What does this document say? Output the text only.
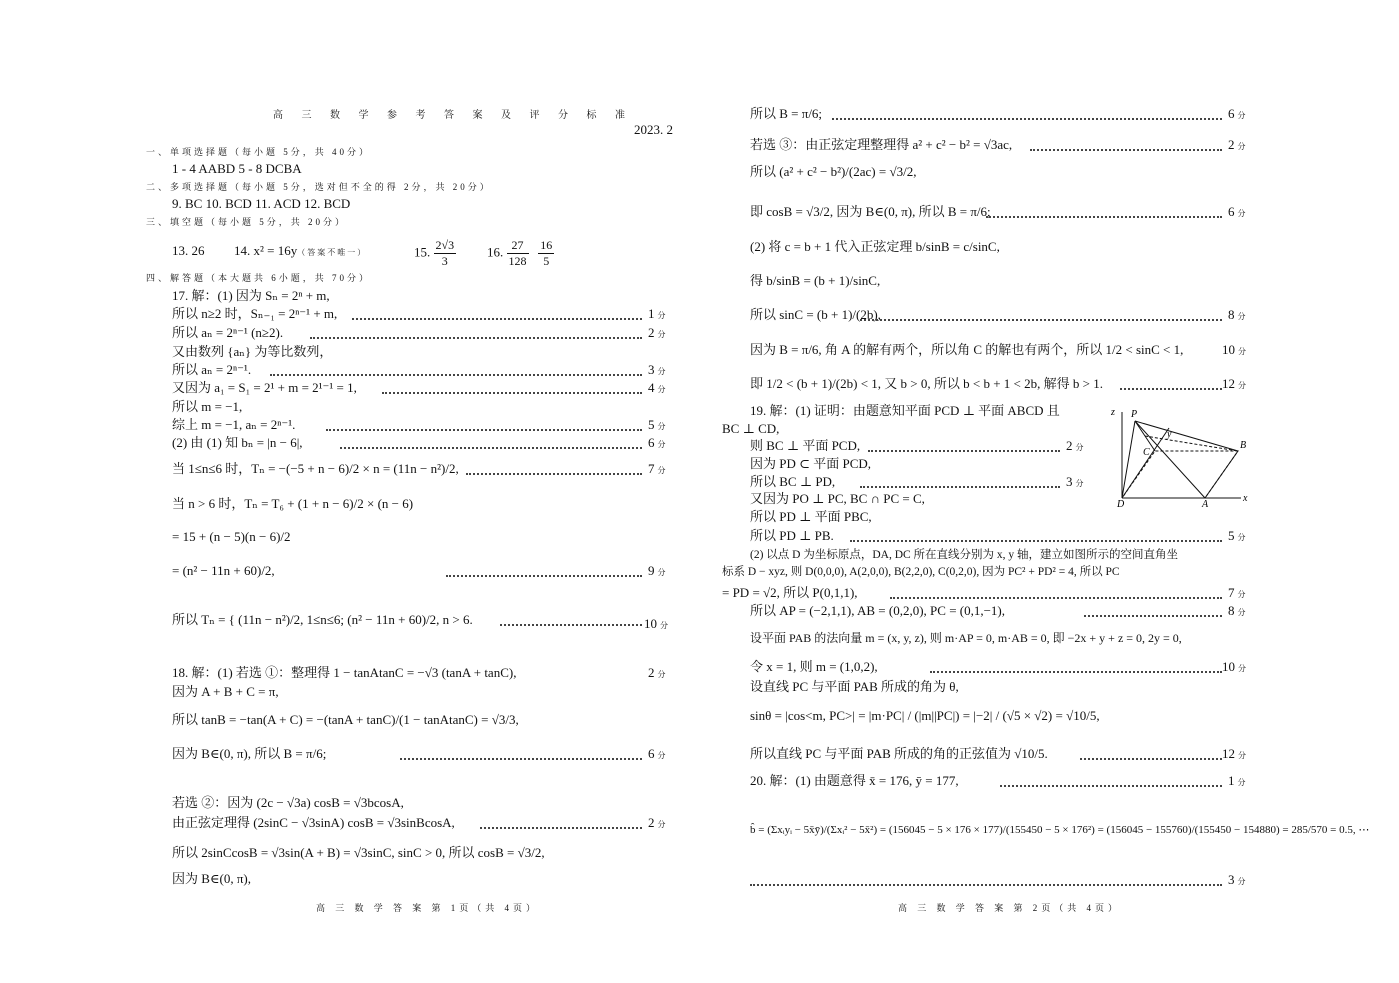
高 三 数 学 参 考 答 案 及 评 分 标 准
2023. 2
一、单项选择题（每小题 5分，共 40分）
1 - 4 AABD 5 - 8 DCBA
二、多项选择题（每小题 5分，选对但不全的得 2分，共 20分）
9. BC 10. BCD 11. ACD 12. BCD
三、填空题（每小题 5分，共 20分）
13. 26 14. x² = 16y（答案不唯一）	15. $\frac{2√3}{3} 16$. $\frac{27}{128}$
$\frac{16}{5}$
四、解答题（本大题共 6小题，共 70分）
17. 解：(1) 因为 Sₙ = 2ⁿ + m,
所以 n≥2 时，Sₙ₋₁ = 2ⁿ⁻¹ + m,	1 分
所以 aₙ = 2ⁿ⁻¹ (n≥2).	2 分
又由数列 {aₙ} 为等比数列，
所以 aₙ = 2ⁿ⁻¹.	3 分
又因为 a₁ = S₁ = 2¹ + m = 2¹⁻¹ = 1,	4 分
所以 m = −1,
综上 m = −1, aₙ = 2ⁿ⁻¹.	5 分
(2) 由 (1) 知 bₙ = |n − 6|,	6 分
当 1≤n≤6 时，Tₙ = −(−5 + n − 6)/2 × n = (11n − n²)/2,	7 分
当 n > 6 时，Tₙ = T₆ + (1 + n − 6)/2 × (n − 6)
= 15 + (n − 5)(n − 6)/2
= (n² − 11n + 60)/2,	9 分
所以 Tₙ = { (11n − n²)/2, 1≤n≤6; (n² − 11n + 60)/2, n > 6.	10 分
18. 解：(1) 若选 ①：整理得 1 − tanAtanC = −√3 (tanA + tanC),	2 分
因为 A + B + C = π,
所以 tanB = −tan(A + C) = −(tanA + tanC)/(1 − tanAtanC) = √3/3,
因为 B∈(0, π), 所以 B = π/6;	6 分
若选 ②：因为 (2c − √3a) cosB = √3bcosA,
由正弦定理得 (2sinC − √3sinA) cosB = √3sinBcosA,	2 分
所以 2sinCcosB = √3sin(A + B) = √3sinC, sinC > 0, 所以 cosB = √3/2,
因为 B∈(0, π),
高 三 数 学 答 案 第 1页（共 4页）
所以 B = π/6;	6 分
若选 ③：由正弦定理整理得 a² + c² − b² = √3ac,	2 分
所以 (a² + c² − b²)/(2ac) = √3/2,
即 cosB = √3/2, 因为 B∈(0, π), 所以 B = π/6;	6 分
(2) 将 c = b + 1 代入正弦定理 b/sinB = c/sinC,
得 b/sinB = (b + 1)/sinC,
所以 sinC = (b + 1)/(2b),	8 分
因为 B = π/6, 角 A 的解有两个，所以角 C 的解也有两个，所以 1/2 < sinC < 1,	10 分
即 1/2 < (b + 1)/(2b) < 1, 又 b > 0, 所以 b < b + 1 < 2b, 解得 b > 1.	12 分
19. 解：(1) 证明：由题意知平面 PCD ⊥ 平面 ABCD 且
BC ⊥ CD,
则 BC ⊥ 平面 PCD,	2 分
因为 PD ⊂ 平面 PCD,
所以 BC ⊥ PD,	3 分
又因为 PO ⊥ PC, BC ∩ PC = C,
所以 PD ⊥ 平面 PBC,
所以 PD ⊥ PB.	5 分
(2) 以点 D 为坐标原点，DA, DC 所在直线分别为 x, y 轴，建立如图所示的空间直角坐
标系 D − xyz, 则 D(0,0,0), A(2,0,0), B(2,2,0), C(0,2,0), 因为 PC² + PD² = 4, 所以 PC
= PD = √2, 所以 P(0,1,1),	7 分
所以 AP = (−2,1,1), AB = (0,2,0), PC = (0,1,−1),	8 分
设平面 PAB 的法向量 m = (x, y, z), 则 m·AP = 0, m·AB = 0, 即 −2x + y + z = 0, 2y = 0,
令 x = 1, 则 m = (1,0,2),	10 分
设直线 PC 与平面 PAB 所成的角为 θ,
sinθ = |cos<m, PC>| = |m·PC| / (|m||PC|) = |−2| / (√5 × √2) = √10/5,
所以直线 PC 与平面 PAB 所成的角的正弦值为 √10/5.	12 分
20. 解：(1) 由题意得 x̄ = 176, ȳ = 177,	1 分
b̂ = (Σxᵢyᵢ − 5x̄ȳ)/(Σxᵢ² − 5x̄²) = (156045 − 5 × 176 × 177)/(155450 − 5 × 176²) = (156045 − 155760)/(155450 − 154880) = 285/570 = 0.5, ⋯
3 分
z P
y
C
B
D	A
x
高 三 数 学 答 案 第 2页（共 4页）
